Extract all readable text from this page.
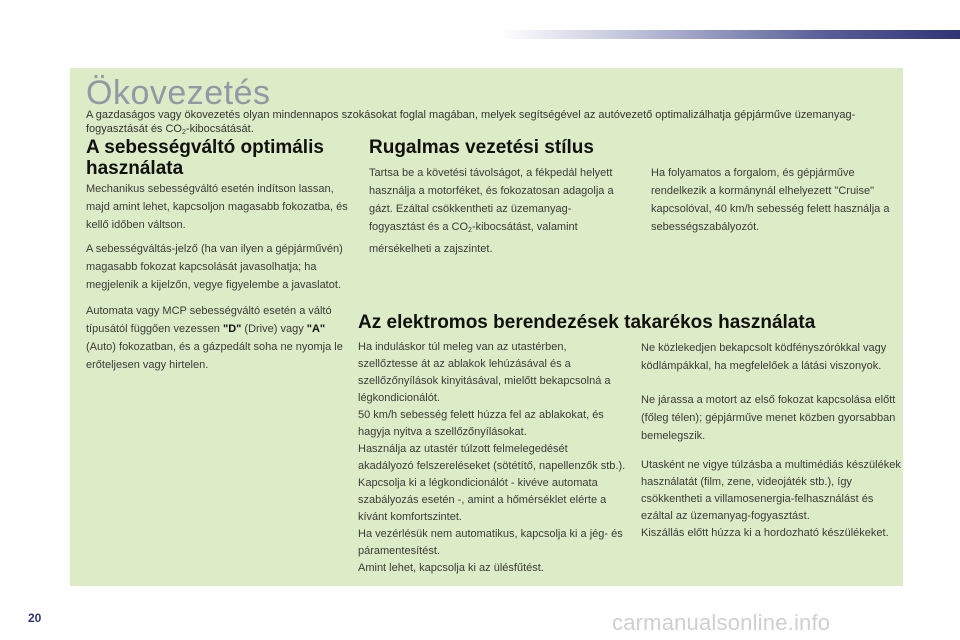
Ökovezetés

A gazdaságos vagy ökovezetés olyan mindennapos szokásokat foglal magában, melyek segítségével az autóvezető optimalizálhatja gépjárműve üzemanyag-fogyasztását és $CO_2$-kibocsátását.

A sebességváltó optimális használata

Mechanikus sebességváltó esetén indítson lassan, majd amint lehet, kapcsoljon magasabb fokozatba, és kellő időben váltson.

A sebességváltás-jelző (ha van ilyen a gépjárművén) magasabb fokozat kapcsolását javasolhatja; ha megjelenik a kijelzőn, vegye figyelembe a javaslatot.

Automata vagy MCP sebességváltó esetén a váltó típusától függően vezessen "D" (Drive) vagy "A" (Auto) fokozatban, és a gázpedált soha ne nyomja le erőteljesen vagy hirtelen.

Rugalmas vezetési stílus

Tartsa be a követési távolságot, a fékpedál helyett használja a motorféket, és fokozatosan adagolja a gázt. Ezáltal csökkentheti az üzemanyag-fogyasztást és a $CO_2$-kibocsátást, valamint mérsékelheti a zajszintet.

Ha folyamatos a forgalom, és gépjárműve rendelkezik a kormánynál elhelyezett "Cruise" kapcsolóval, 40 km/h sebesség felett használja a sebességszabályozót.

Az elektromos berendezések takarékos használata
Ha induláskor túl meleg van az utastérben, szellőztesse át az ablakok lehúzásával és a szellőzőnyílások kinyitásával, mielőtt bekapcsolná a légkondicionálót.
50 km/h sebesség felett húzza fel az ablakokat, és hagyja nyitva a szellőzőnyílásokat.
Használja az utastér túlzott felmelegedését akadályozó felszereléseket (sötétítő, napellenzők stb.).
Kapcsolja ki a légkondicionálót - kivéve automata szabályozás esetén -, amint a hőmérséklet elérte a kívánt komfortszintet.
Ha vezérlésük nem automatikus, kapcsolja ki a jég- és páramentesítést.
Amint lehet, kapcsolja ki az ülésfűtést.

Ne közlekedjen bekapcsolt ködfényszórókkal vagy ködlámpákkal, ha megfelelőek a látási viszonyok.

Ne járassa a motort az első fokozat kapcsolása előtt (főleg télen); gépjárműve menet közben gyorsabban bemelegszik.

Utasként ne vigye túlzásba a multimédiás készülékek használatát (film, zene, videojáték stb.), így csökkentheti a villamosenergia-felhasználást és ezáltal az üzemanyag-fogyasztást.
Kiszállás előtt húzza ki a hordozható készülékeket.
20	carmanualsonline.info
